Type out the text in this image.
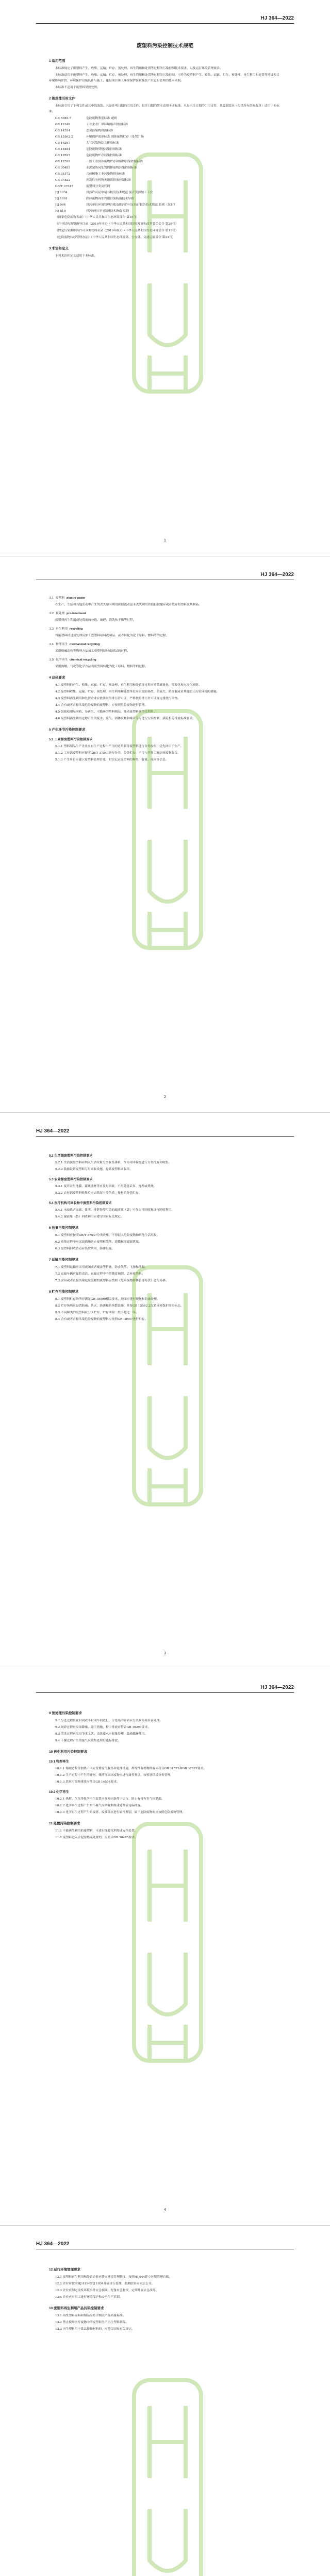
HJ 364—2022
废塑料污染控制技术规范
1 适用范围
本标准规定了废塑料产生、收集、运输、贮存、预处理、再生利用和处置等过程的污染控制技术要求，以及运行环境管理要求。
本标准适用于废塑料产生、收集、运输、贮存、预处理、再生利用和处置等过程的污染控制，可作为废塑料产生、收集、运输、贮存、预处理、再生利用和处置等建设项目环境影响评价、环境保护设施设计与施工、建设项目竣工环境保护验收及投产后运行管理的技术依据。
本标准不适用于废塑料焚烧处置。
2 规范性引用文件
本标准引用了下列文件或其中的条款。凡是注明日期的引用文件，仅注日期的版本适用于本标准。凡是未注日期的引用文件，其最新版本（包括所有的修改单）适用于本标准。
GB 5085.7	危险废物鉴别标准 通则
GB 12348	工业企业厂界环境噪声排放标准
GB 14554	恶臭污染物排放标准
GB 15562.2	环境保护图形标志 固体废物贮存（处置）场
GB 16297	大气污染物综合排放标准
GB 18484	危险废物焚烧污染控制标准
GB 18597	危险废物贮存污染控制标准
GB 18599	一般工业固体废物贮存和填埋污染控制标准
GB 30485	水泥窑协同处置固体废物污染控制标准
GB 31572	合成树脂工业污染物排放标准
GB 37822	挥发性有机物无组织排放控制标准
GB/T 37547	废塑料分类及代码
HJ 1034	排污许可证申请与核发技术规范 废弃资源加工工业
HJ 1091	固体废物再生利用污染防治技术导则
HJ 944	排污单位环境管理台账及排污许可证执行报告技术规范 总则（试行）
HJ 819	排污单位自行监测技术指南 总则
《国家危险废物名录》（中华人民共和国生态环境部令 第15号）
《产业结构调整指导目录（2019年本）》（中华人民共和国国家发展和改革委员会令 第29号）
《固定污染源排污许可分类管理名录（2019年版）》（中华人民共和国生态环境部令 第11号）
《危险废物转移管理办法》（中华人民共和国生态环境部、公安部、交通运输部令 第23号）
3 术语和定义
下列术语和定义适用于本标准。
1
HJ 364—2022
3.1 废塑料 plastic waste
在生产、生活和其他活动中产生的丧失原有利用价值或者虽未丧失利用价值但被抛弃或者放弃的塑料及其制品。
3.2 预处理 pre-treatment
废塑料再生利用或处置前的分选、破碎、清洗和干燥等过程。
3.3 再生利用 recycling
将废塑料经过预处理后加工成塑料原料或制品，或者转化为化工原料、燃料等的过程。
3.4 物理再生 mechanical recycling
采用熔融造粒等物理方法加工成塑料原料或制品的过程。
3.5 化学再生 chemical recycling
采用热解、气化等化学方法将废塑料转化为化工原料、燃料等的过程。
4 总体要求
4.1 废塑料的产生、收集、运输、贮存、预处理、再生利用和处置等过程应遵循减量化、资源化和无害化原则。
4.2 废塑料收集、运输、贮存、预处理、再生利用和处置单位应采取防扬散、防流失、防渗漏或者其他防止污染环境的措施。
4.3 废塑料再生利用和处置企业应依法取得排污许可证，严格按照排污许可证规定排放污染物。
4.4 含有或者直接沾染危险废物的废塑料，应按照危险废物进行管理。
4.5 鼓励使用易回收、易再生、可循环的塑料制品，推动废塑料高值化利用。
4.6 废塑料再生利用过程产生的废水、废气、固体废物和噪声等应进行污染控制，满足相关排放标准要求。
5 产生环节污染控制要求
5.1 工业源废塑料污染控制要求
5.1.1 塑料制品生产企业应对生产过程中产生的边角料等废塑料进行分类收集，优先回用于生产。
5.1.2 工业源废塑料应按照GB/T 37547进行分类，分类贮存，不得与其他工业固体废物混合。
5.1.3 产生单位应建立废塑料管理台账，如实记录废塑料的种类、数量、流向等信息。
2
HJ 364—2022
5.2 生活源废塑料污染控制要求
5.2.1 生活源废塑料应纳入生活垃圾分类收集体系，作为可回收物进行分类投放和收集。
5.2.2 鼓励设置废塑料专用回收设施，提高废塑料回收率。
5.3 农业源废塑料污染控制要求
5.3.1 废弃农用地膜、灌溉器材等应及时回收，不得随意丢弃、掩埋或焚烧。
5.3.2 农业源废塑料收集后应去除泥土等杂质，按材质分类贮存。
5.4 医疗机构可回收物中废塑料污染控制要求
5.4.1 未被患者血液、体液、排泄物等污染的输液瓶（袋）可作为可回收物进行回收利用。
5.4.2 输液瓶（袋）回收利用应遵守国家有关规定。
6 收集污染控制要求
6.1 废塑料应按照GB/T 37547分类收集，不得混入危险废物和其他生活垃圾。
6.2 收集过程中应采取措施防止废塑料散落、遗撒和渗滤液泄漏。
6.3 废塑料回收站点应设置防雨、防渗设施。
7 运输污染控制要求
7.1 废塑料运输应采用密闭或者覆盖等措施，防止散落、飞扬和泄漏。
7.2 运输车辆应保持清洁，运输过程中不得随意倾倒、丢弃废塑料。
7.3 含有或者直接沾染危险废物的废塑料应按照《危险废物转移管理办法》进行转移。
8 贮存污染控制要求
8.1 废塑料贮存场所应满足GB 18599相关要求，地面应进行硬化和防渗处理。
8.2 贮存场所应设置防雨、防火、防渗和防扬散设施，并按GB 15562.2设置环境保护图形标志。
8.3 不同种类的废塑料应分区贮存，贮存期限一般不超过一年。
8.4 含有或者直接沾染危险废物的废塑料应按照GB 18597进行贮存。
3
HJ 364—2022
9 预处理污染控制要求
9.1 分选过程应在封闭或半封闭车间进行，分选出的杂质应分类收集并妥善处理。
9.2 破碎过程应采取降噪、除尘措施，粉尘排放应符合GB 16297要求。
9.3 清洗过程应采用节水工艺，清洗废水应收集处理，鼓励循环使用。
9.4 干燥过程产生的废气应收集处理后达标排放。
10 再生利用污染控制要求
10.1 物理再生
10.1.1 熔融造粒等加热工序应设置废气收集和处理设施，挥发性有机物排放应符合GB 31572和GB 37822要求。
10.1.2 生产过程中产生的滤网、残渣等固体废物应进行属性鉴别，按鉴别结果分类管理。
10.1.3 恶臭污染物排放应符合GB 14554要求。
10.2 化学再生
10.2.1 热解、气化等化学再生装置应在密闭条件下运行，防止有毒有害气体泄漏。
10.2.2 化学再生过程产生的不凝气应回收利用或处理后达标排放。
10.2.3 化学再生过程产生的废渣、废油等应进行属性鉴别，属于危险废物的应按照危险废物管理。
11 处置污染控制要求
11.1 不能再生利用的废塑料，可进行能源化利用或安全处置。
11.2 废塑料进入水泥窑协同处置的，应符合GB 30485要求。
4
HJ 364—2022
12 运行环境管理要求
12.1 废塑料再生利用和处置企业应建立环境管理制度，按照HJ 944建立环境管理台账。
12.2 企业应按照HJ 819和HJ 1034开展自行监测，监测结果应依法公开。
12.3 企业应制定突发环境事件应急预案，配备应急物资，定期开展应急演练。
12.4 企业应对员工进行环境保护和安全生产培训。
13 废塑料再生利用产品污染控制要求
13.1 再生塑料原料和制品应符合相关产品质量标准。
13.2 禁止使用医疗废物中的废塑料生产再生塑料制品。
13.3 再生塑料用于食品接触材料的，应符合国家有关规定。
